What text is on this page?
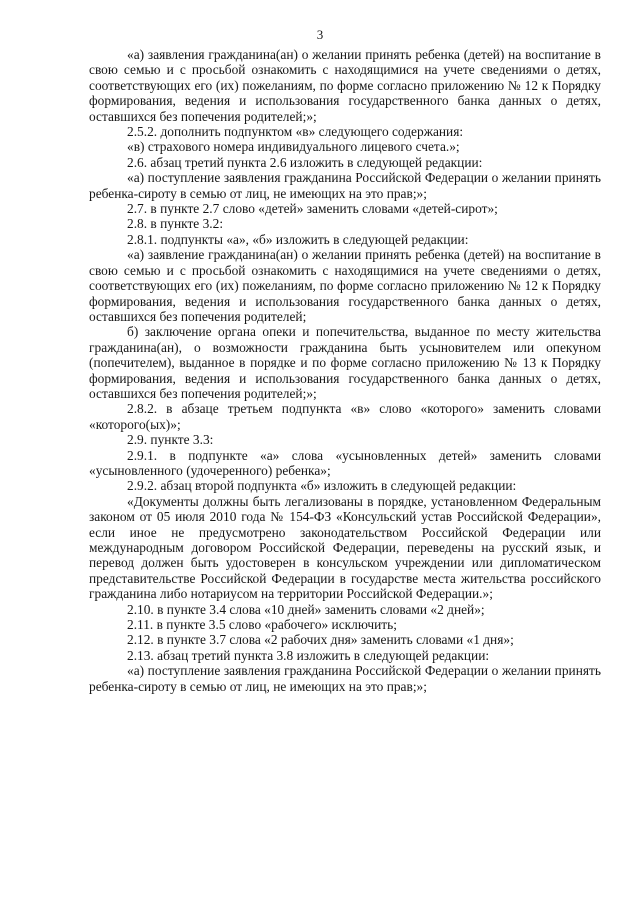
3

«а) заявления гражданина(ан) о желании принять ребенка (детей) на воспитание в свою семью и с просьбой ознакомить с находящимися на учете сведениями о детях, соответствующих его (их) пожеланиям, по форме согласно приложению № 12 к Порядку формирования, ведения и использования государственного банка данных о детях, оставшихся без попечения родителей;»;

2.5.2. дополнить подпунктом «в» следующего содержания:

«в) страхового номера индивидуального лицевого счета.»;

2.6. абзац третий пункта 2.6 изложить в следующей редакции:

«а) поступление заявления гражданина Российской Федерации о желании принять ребенка-сироту в семью от лиц, не имеющих на это прав;»;

2.7. в пункте 2.7 слово «детей» заменить словами «детей-сирот»;

2.8. в пункте 3.2:

2.8.1. подпункты «а», «б» изложить в следующей редакции:

«а) заявление гражданина(ан) о желании принять ребенка (детей) на воспитание в свою семью и с просьбой ознакомить с находящимися на учете сведениями о детях, соответствующих его (их) пожеланиям, по форме согласно приложению № 12 к Порядку формирования, ведения и использования государственного банка данных о детях, оставшихся без попечения родителей;

б) заключение органа опеки и попечительства, выданное по месту жительства гражданина(ан), о возможности гражданина быть усыновителем или опекуном (попечителем), выданное в порядке и по форме согласно приложению № 13 к Порядку формирования, ведения и использования государственного банка данных о детях, оставшихся без попечения родителей;»;

2.8.2. в абзаце третьем подпункта «в» слово «которого» заменить словами «которого(ых)»;

2.9. пункте 3.3:

2.9.1. в подпункте «а» слова «усыновленных детей» заменить словами «усыновленного (удочеренного) ребенка»;

2.9.2. абзац второй подпункта «б» изложить в следующей редакции:

«Документы должны быть легализованы в порядке, установленном Федеральным законом от 05 июля 2010 года № 154-ФЗ «Консульский устав Российской Федерации», если иное не предусмотрено законодательством Российской Федерации или международным договором Российской Федерации, переведены на русский язык, и перевод должен быть удостоверен в консульском учреждении или дипломатическом представительстве Российской Федерации в государстве места жительства российского гражданина либо нотариусом на территории Российской Федерации.»;

2.10. в пункте 3.4 слова «10 дней» заменить словами «2 дней»;

2.11. в пункте 3.5 слово «рабочего» исключить;

2.12. в пункте 3.7 слова «2 рабочих дня» заменить словами «1 дня»;

2.13. абзац третий пункта 3.8 изложить в следующей редакции:

«а) поступление заявления гражданина Российской Федерации о желании принять ребенка-сироту в семью от лиц, не имеющих на это прав;»;
